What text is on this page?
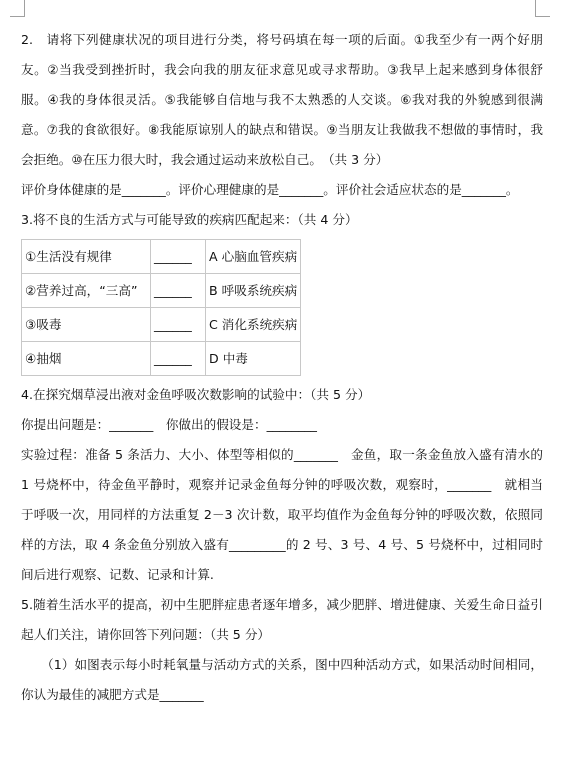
2.　请将下列健康状况的项目进行分类，将号码填在每一项的后面。①我至少有一两个好朋友。②当我受到挫折时，我会向我的朋友征求意见或寻求帮助。③我早上起来感到身体很舒服。④我的身体很灵活。⑤我能够自信地与我不太熟悉的人交谈。⑥我对我的外貌感到很满意。⑦我的食欲很好。⑧我能原谅别人的缺点和错误。⑨当朋友让我做我不想做的事情时，我会拒绝。⑩在压力很大时，我会通过运动来放松自己。　（共 3 分）

评价身体健康的是_______。评价心理健康的是_______。评价社会适应状态的是_______。

3.将不良的生活方式与可能导致的疾病匹配起来：（共 4 分）

①生活没有规律	______	A 心脑血管疾病
②营养过高，“三高”	______	B 呼吸系统疾病
③吸毒	______	C 消化系统疾病
④抽烟	______	D 中毒

4.在探究烟草浸出液对金鱼呼吸次数影响的试验中：（共 5 分）

你提出问题是：_______　你做出的假设是：________

实验过程：准备 5 条活力、大小、体型等相似的_______　金鱼，取一条金鱼放入盛有清水的 1 号烧杯中，待金鱼平静时，观察并记录金鱼每分钟的呼吸次数，观察时，_______　就相当于呼吸一次，用同样的方法重复 2－3 次计数，取平均值作为金鱼每分钟的呼吸次数，依照同样的方法，取 4 条金鱼分别放入盛有_________的 2 号、3 号、4 号、5 号烧杯中，过相同时间后进行观察、记数、记录和计算.

5.随着生活水平的提高，初中生肥胖症患者逐年增多，减少肥胖、增进健康、关爱生命日益引起人们关注，请你回答下列问题：（共 5 分）

（1）如图表示每小时耗氧量与活动方式的关系，图中四种活动方式，如果活动时间相同，你认为最佳的减肥方式是_______
